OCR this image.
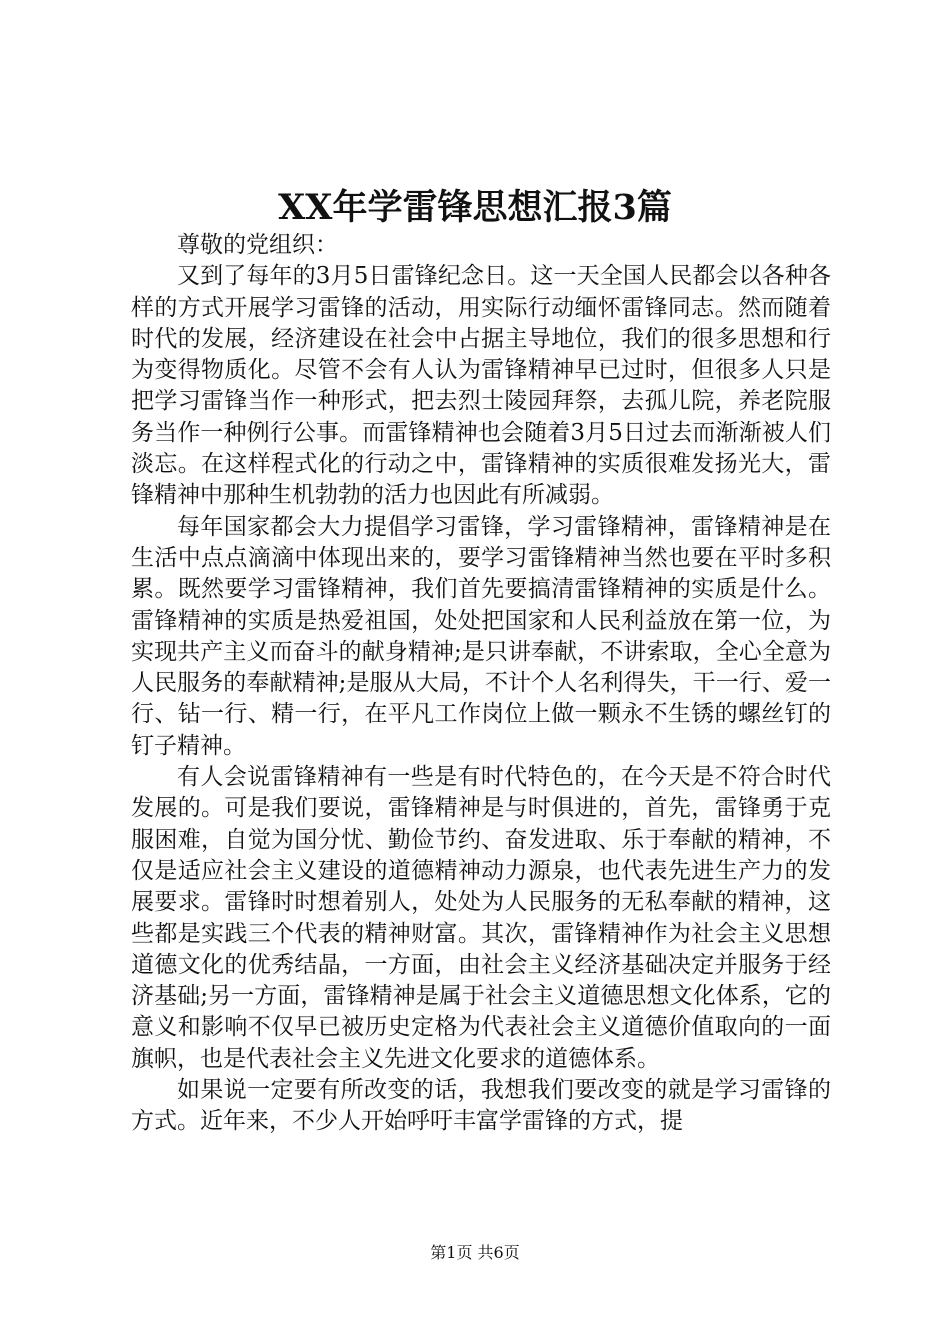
XX年学雷锋思想汇报3篇

尊敬的党组织：

又到了每年的3月5日雷锋纪念日。这一天全国人民都会以各种各样的方式开展学习雷锋的活动，用实际行动缅怀雷锋同志。然而随着时代的发展，经济建设在社会中占据主导地位，我们的很多思想和行为变得物质化。尽管不会有人认为雷锋精神早已过时，但很多人只是把学习雷锋当作一种形式，把去烈士陵园拜祭，去孤儿院，养老院服务当作一种例行公事。而雷锋精神也会随着3月5日过去而渐渐被人们淡忘。在这样程式化的行动之中，雷锋精神的实质很难发扬光大，雷锋精神中那种生机勃勃的活力也因此有所减弱。

每年国家都会大力提倡学习雷锋，学习雷锋精神，雷锋精神是在生活中点点滴滴中体现出来的，要学习雷锋精神当然也要在平时多积累。既然要学习雷锋精神，我们首先要搞清雷锋精神的实质是什么。雷锋精神的实质是热爱祖国，处处把国家和人民利益放在第一位，为实现共产主义而奋斗的献身精神;是只讲奉献，不讲索取，全心全意为人民服务的奉献精神;是服从大局，不计个人名利得失，干一行、爱一行、钻一行、精一行，在平凡工作岗位上做一颗永不生锈的螺丝钉的钉子精神。

有人会说雷锋精神有一些是有时代特色的，在今天是不符合时代发展的。可是我们要说，雷锋精神是与时俱进的，首先，雷锋勇于克服困难，自觉为国分忧、勤俭节约、奋发进取、乐于奉献的精神，不仅是适应社会主义建设的道德精神动力源泉，也代表先进生产力的发展要求。雷锋时时想着别人，处处为人民服务的无私奉献的精神，这些都是实践三个代表的精神财富。其次，雷锋精神作为社会主义思想道德文化的优秀结晶，一方面，由社会主义经济基础决定并服务于经济基础;另一方面，雷锋精神是属于社会主义道德思想文化体系，它的意义和影响不仅早已被历史定格为代表社会主义道德价值取向的一面旗帜，也是代表社会主义先进文化要求的道德体系。

如果说一定要有所改变的话，我想我们要改变的就是学习雷锋的方式。近年来，不少人开始呼吁丰富学雷锋的方式，提

第1页 共6页
